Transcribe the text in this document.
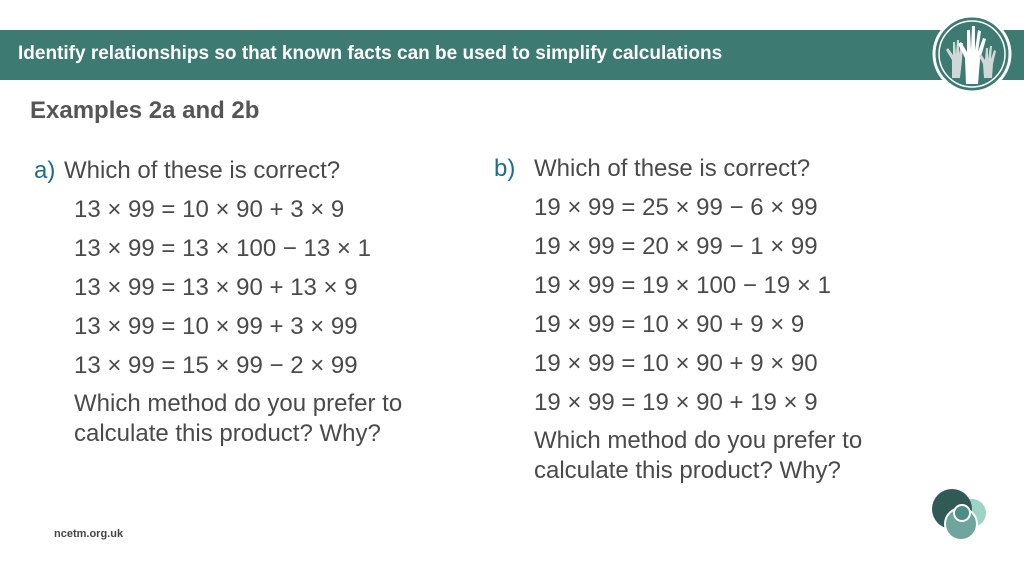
Identify relationships so that known facts can be used to simplify calculations
Examples 2a and 2b
a) Which of these is correct?
13 × 99 = 10 × 90 + 3 × 9
13 × 99 = 13 × 100 − 13 × 1
13 × 99 = 13 × 90 + 13 × 9
13 × 99 = 10 × 99 + 3 × 99
13 × 99 = 15 × 99 − 2 × 99
Which method do you prefer to
calculate this product? Why?
b) Which of these is correct?
19 × 99 = 25 × 99 − 6 × 99
19 × 99 = 20 × 99 − 1 × 99
19 × 99 = 19 × 100 − 19 × 1
19 × 99 = 10 × 90 + 9 × 9
19 × 99 = 10 × 90 + 9 × 90
19 × 99 = 19 × 90 + 19 × 9
Which method do you prefer to
calculate this product? Why?
ncetm.org.uk
